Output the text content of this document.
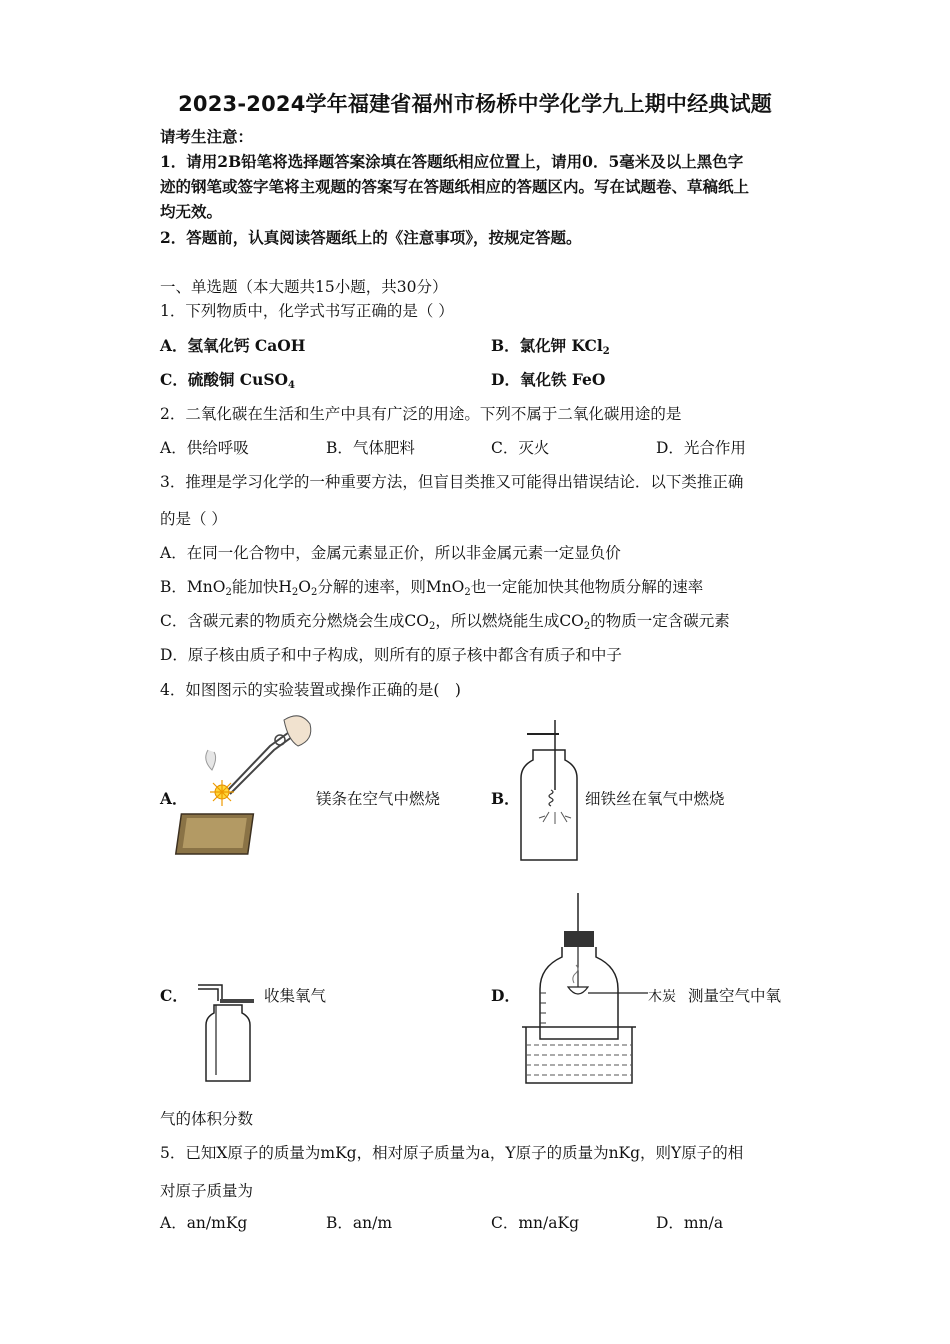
2023-2024学年福建省福州市杨桥中学化学九上期中经典试题
请考生注意：
1．请用2B铅笔将选择题答案涂填在答题纸相应位置上，请用0．5毫米及以上黑色字
迹的钢笔或签字笔将主观题的答案写在答题纸相应的答题区内。写在试题卷、草稿纸上
均无效。
2．答题前，认真阅读答题纸上的《注意事项》，按规定答题。
一、单选题（本大题共15小题，共30分）
1．下列物质中，化学式书写正确的是（ ）
A．氢氧化钙 CaOH	B．氯化钾 KCl$_2$
C．硫酸铜 CuSO$_4$	D．氧化铁 FeO
2．二氧化碳在生活和生产中具有广泛的用途。下列不属于二氧化碳用途的是
A．供给呼吸	B．气体肥料	C．灭火	D．光合作用
3．推理是学习化学的一种重要方法，但盲目类推又可能得出错误结论．以下类推正确
的是（ ）
A．在同一化合物中，金属元素显正价，所以非金属元素一定显负价
B．MnO$_2$能加快$H_2O_2$分解的速率，则MnO$_2$也一定能加快其他物质分解的速率
C．含碳元素的物质充分燃烧会生成$CO_2$，所以燃烧能生成$CO_2$的物质一定含碳元素
D．原子核由质子和中子构成，则所有的原子核中都含有质子和中子
4．如图图示的实验装置或操作正确的是(　)
A．	镁条在空气中燃烧	B．	细铁丝在氧气中燃烧
C．	收集氧气	D．	木炭 测量空气中氧
气的体积分数
5．已知X原子的质量为mKg，相对原子质量为a，Y原子的质量为nKg，则Y原子的相
对原子质量为
A．an/mKg	B．an/m	C．mn/aKg	D．mn/a
